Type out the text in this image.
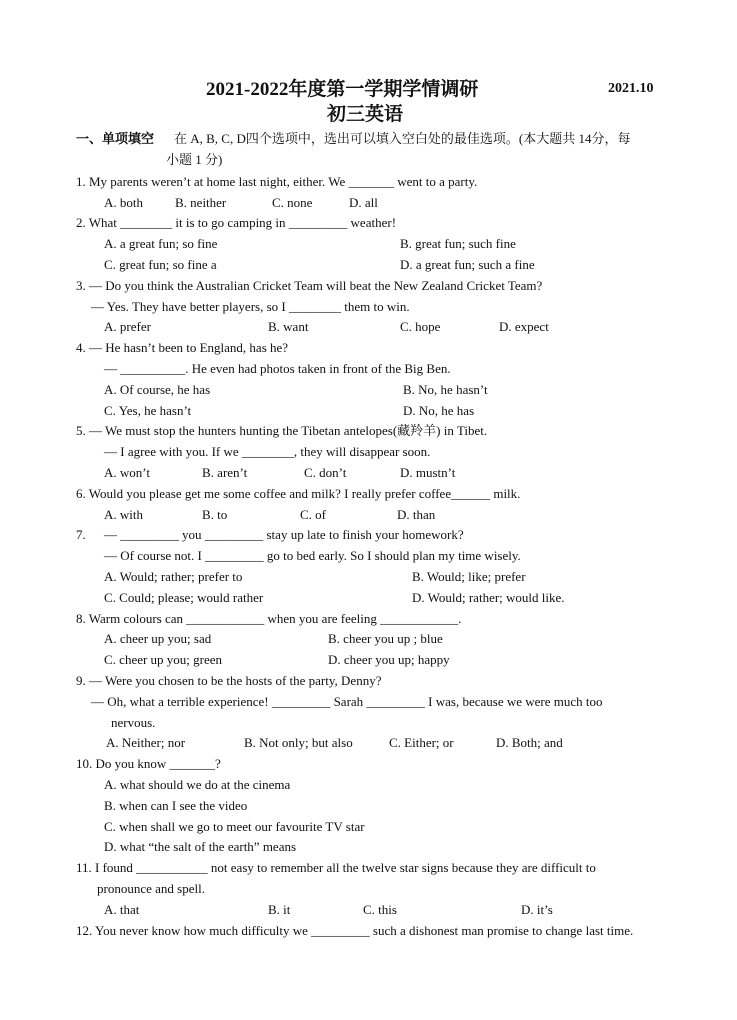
2021-2022年度第一学期学情调研	2021.10
初三英语
一、单项填空 在 A, B, C, D四个选项中，选出可以填入空白处的最佳选项。(本大题共 14分，每
小题 1 分)
1. My parents weren’t at home last night, either. We _______ went to a party.
A. both B. neither	C. none	D. all
2. What ________ it is to go camping in _________ weather!
A. a great fun; so fine	B. great fun; such fine
C. great fun; so fine a	D. a great fun; such a fine
3. — Do you think the Australian Cricket Team will beat the New Zealand Cricket Team?
— Yes. They have better players, so I ________ them to win.
A. prefer	B. want	C. hope	D. expect
4. — He hasn’t been to England, has he?
— __________. He even had photos taken in front of the Big Ben.
A. Of course, he has	B. No, he hasn’t
C. Yes, he hasn’t	D. No, he has
5. — We must stop the hunters hunting the Tibetan antelopes(藏羚羊) in Tibet.
— I agree with you. If we ________, they will disappear soon.
A. won’t	B. aren’t	C. don’t	D. mustn’t
6. Would you please get me some coffee and milk? I really prefer coffee______ milk.
A. with	B. to	C. of	D. than
7. — _________ you _________ stay up late to finish your homework?
— Of course not. I _________ go to bed early. So I should plan my time wisely.
A. Would; rather; prefer to	B. Would; like; prefer
C. Could; please; would rather	D. Would; rather; would like.
8. Warm colours can ____________ when you are feeling ____________.
A. cheer up you; sad	B. cheer you up ; blue
C. cheer up you; green	D. cheer you up; happy
9. — Were you chosen to be the hosts of the party, Denny?
— Oh, what a terrible experience! _________ Sarah _________ I was, because we were much too
nervous.
A. Neither; nor	B. Not only; but also	C. Either; or	D. Both; and
10. Do you know _______?
A. what should we do at the cinema
B. when can I see the video
C. when shall we go to meet our favourite TV star
D. what “the salt of the earth” means
11. I found ___________ not easy to remember all the twelve star signs because they are difficult to
pronounce and spell.
A. that	B. it	C. this	D. it’s
12. You never know how much difficulty we _________ such a dishonest man promise to change last time.
